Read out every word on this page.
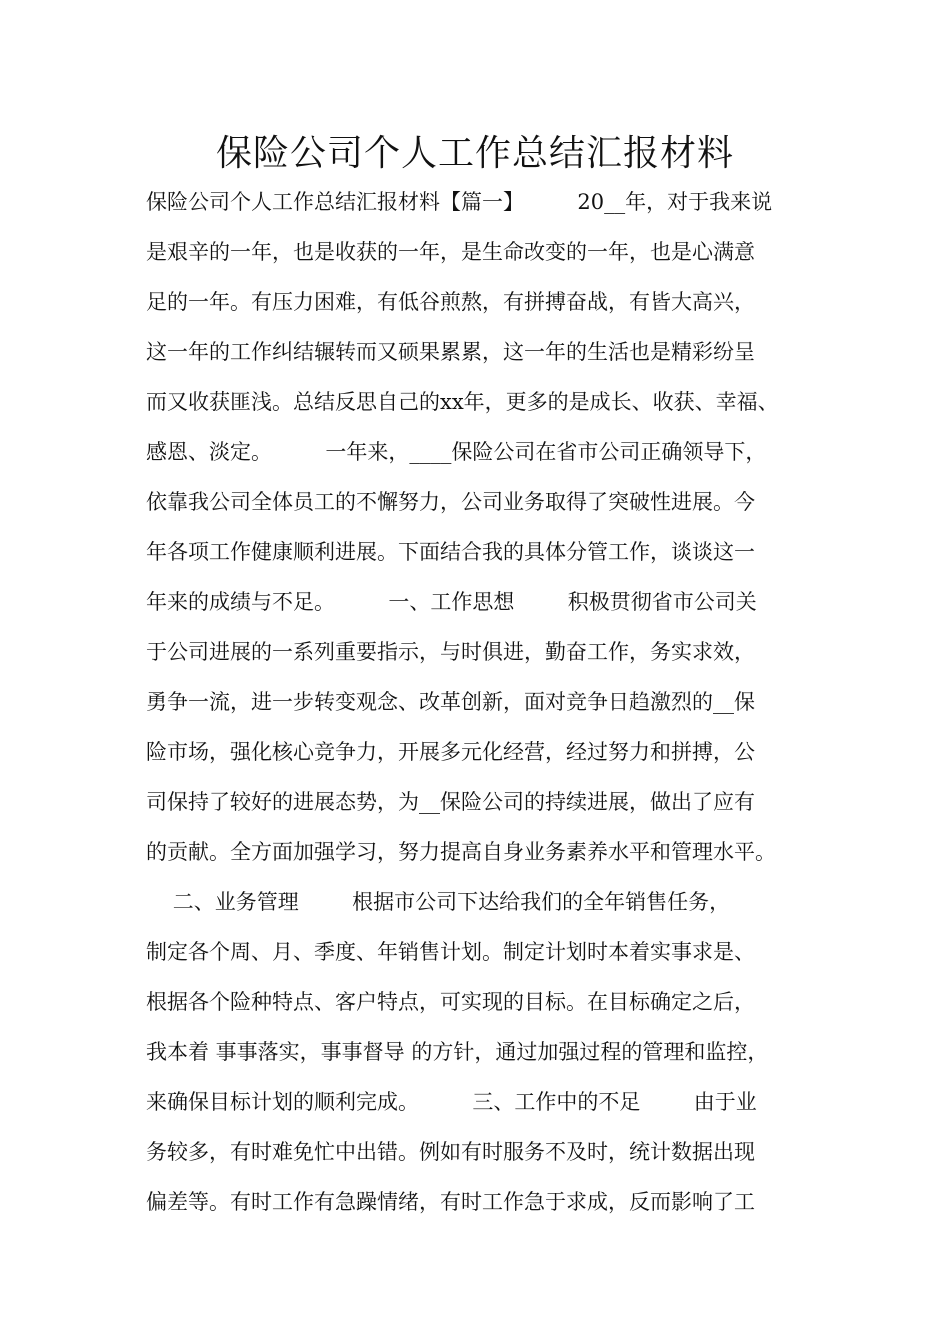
保险公司个人工作总结汇报材料

保险公司个人工作总结汇报材料【篇一】        20__年，对于我来说

是艰辛的一年，也是收获的一年，是生命改变的一年，也是心满意

足的一年。有压力困难，有低谷煎熬，有拼搏奋战，有皆大高兴，

这一年的工作纠结辗转而又硕果累累，这一年的生活也是精彩纷呈

而又收获匪浅。总结反思自己的xx年，更多的是成长、收获、幸福、

感恩、淡定。        一年来，____保险公司在省市公司正确领导下，

依靠我公司全体员工的不懈努力，公司业务取得了突破性进展。今

年各项工作健康顺利进展。下面结合我的具体分管工作，谈谈这一

年来的成绩与不足。        一、工作思想        积极贯彻省市公司关

于公司进展的一系列重要指示，与时俱进，勤奋工作，务实求效，

勇争一流，进一步转变观念、改革创新，面对竞争日趋激烈的__保

险市场，强化核心竞争力，开展多元化经营，经过努力和拼搏，公

司保持了较好的进展态势，为__保险公司的持续进展，做出了应有

的贡献。全方面加强学习，努力提高自身业务素养水平和管理水平。

二、业务管理        根据市公司下达给我们的全年销售任务，

制定各个周、月、季度、年销售计划。制定计划时本着实事求是、

根据各个险种特点、客户特点，可实现的目标。在目标确定之后，

我本着 事事落实，事事督导 的方针，通过加强过程的管理和监控，

来确保目标计划的顺利完成。        三、工作中的不足        由于业

务较多，有时难免忙中出错。例如有时服务不及时，统计数据出现

偏差等。有时工作有急躁情绪，有时工作急于求成，反而影响了工
